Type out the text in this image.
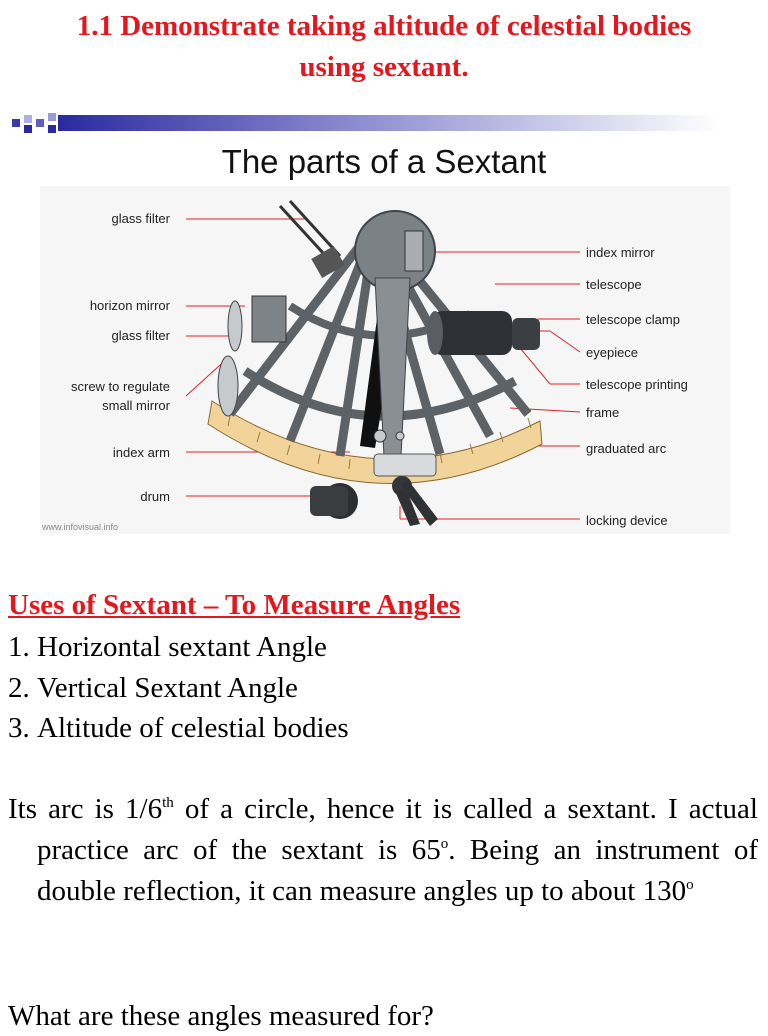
1.1 Demonstrate taking altitude of celestial bodies
using sextant.
The parts of a Sextant
glass filter
horizon mirror
glass filter
screw to regulate
small mirror
index arm
drum
index mirror
telescope
telescope clamp
eyepiece
telescope printing
frame
graduated arc
locking device
www.infovisual.info
Uses of Sextant – To Measure Angles
1. Horizontal sextant Angle
2. Vertical Sextant Angle
3. Altitude of celestial bodies
Its arc is 1/6th of a circle, hence it is called a sextant. I actual practice arc of the sextant is 65$^o$. Being an instrument of double reflection, it can measure angles up to about 130$^o$
What are these angles measured for?
